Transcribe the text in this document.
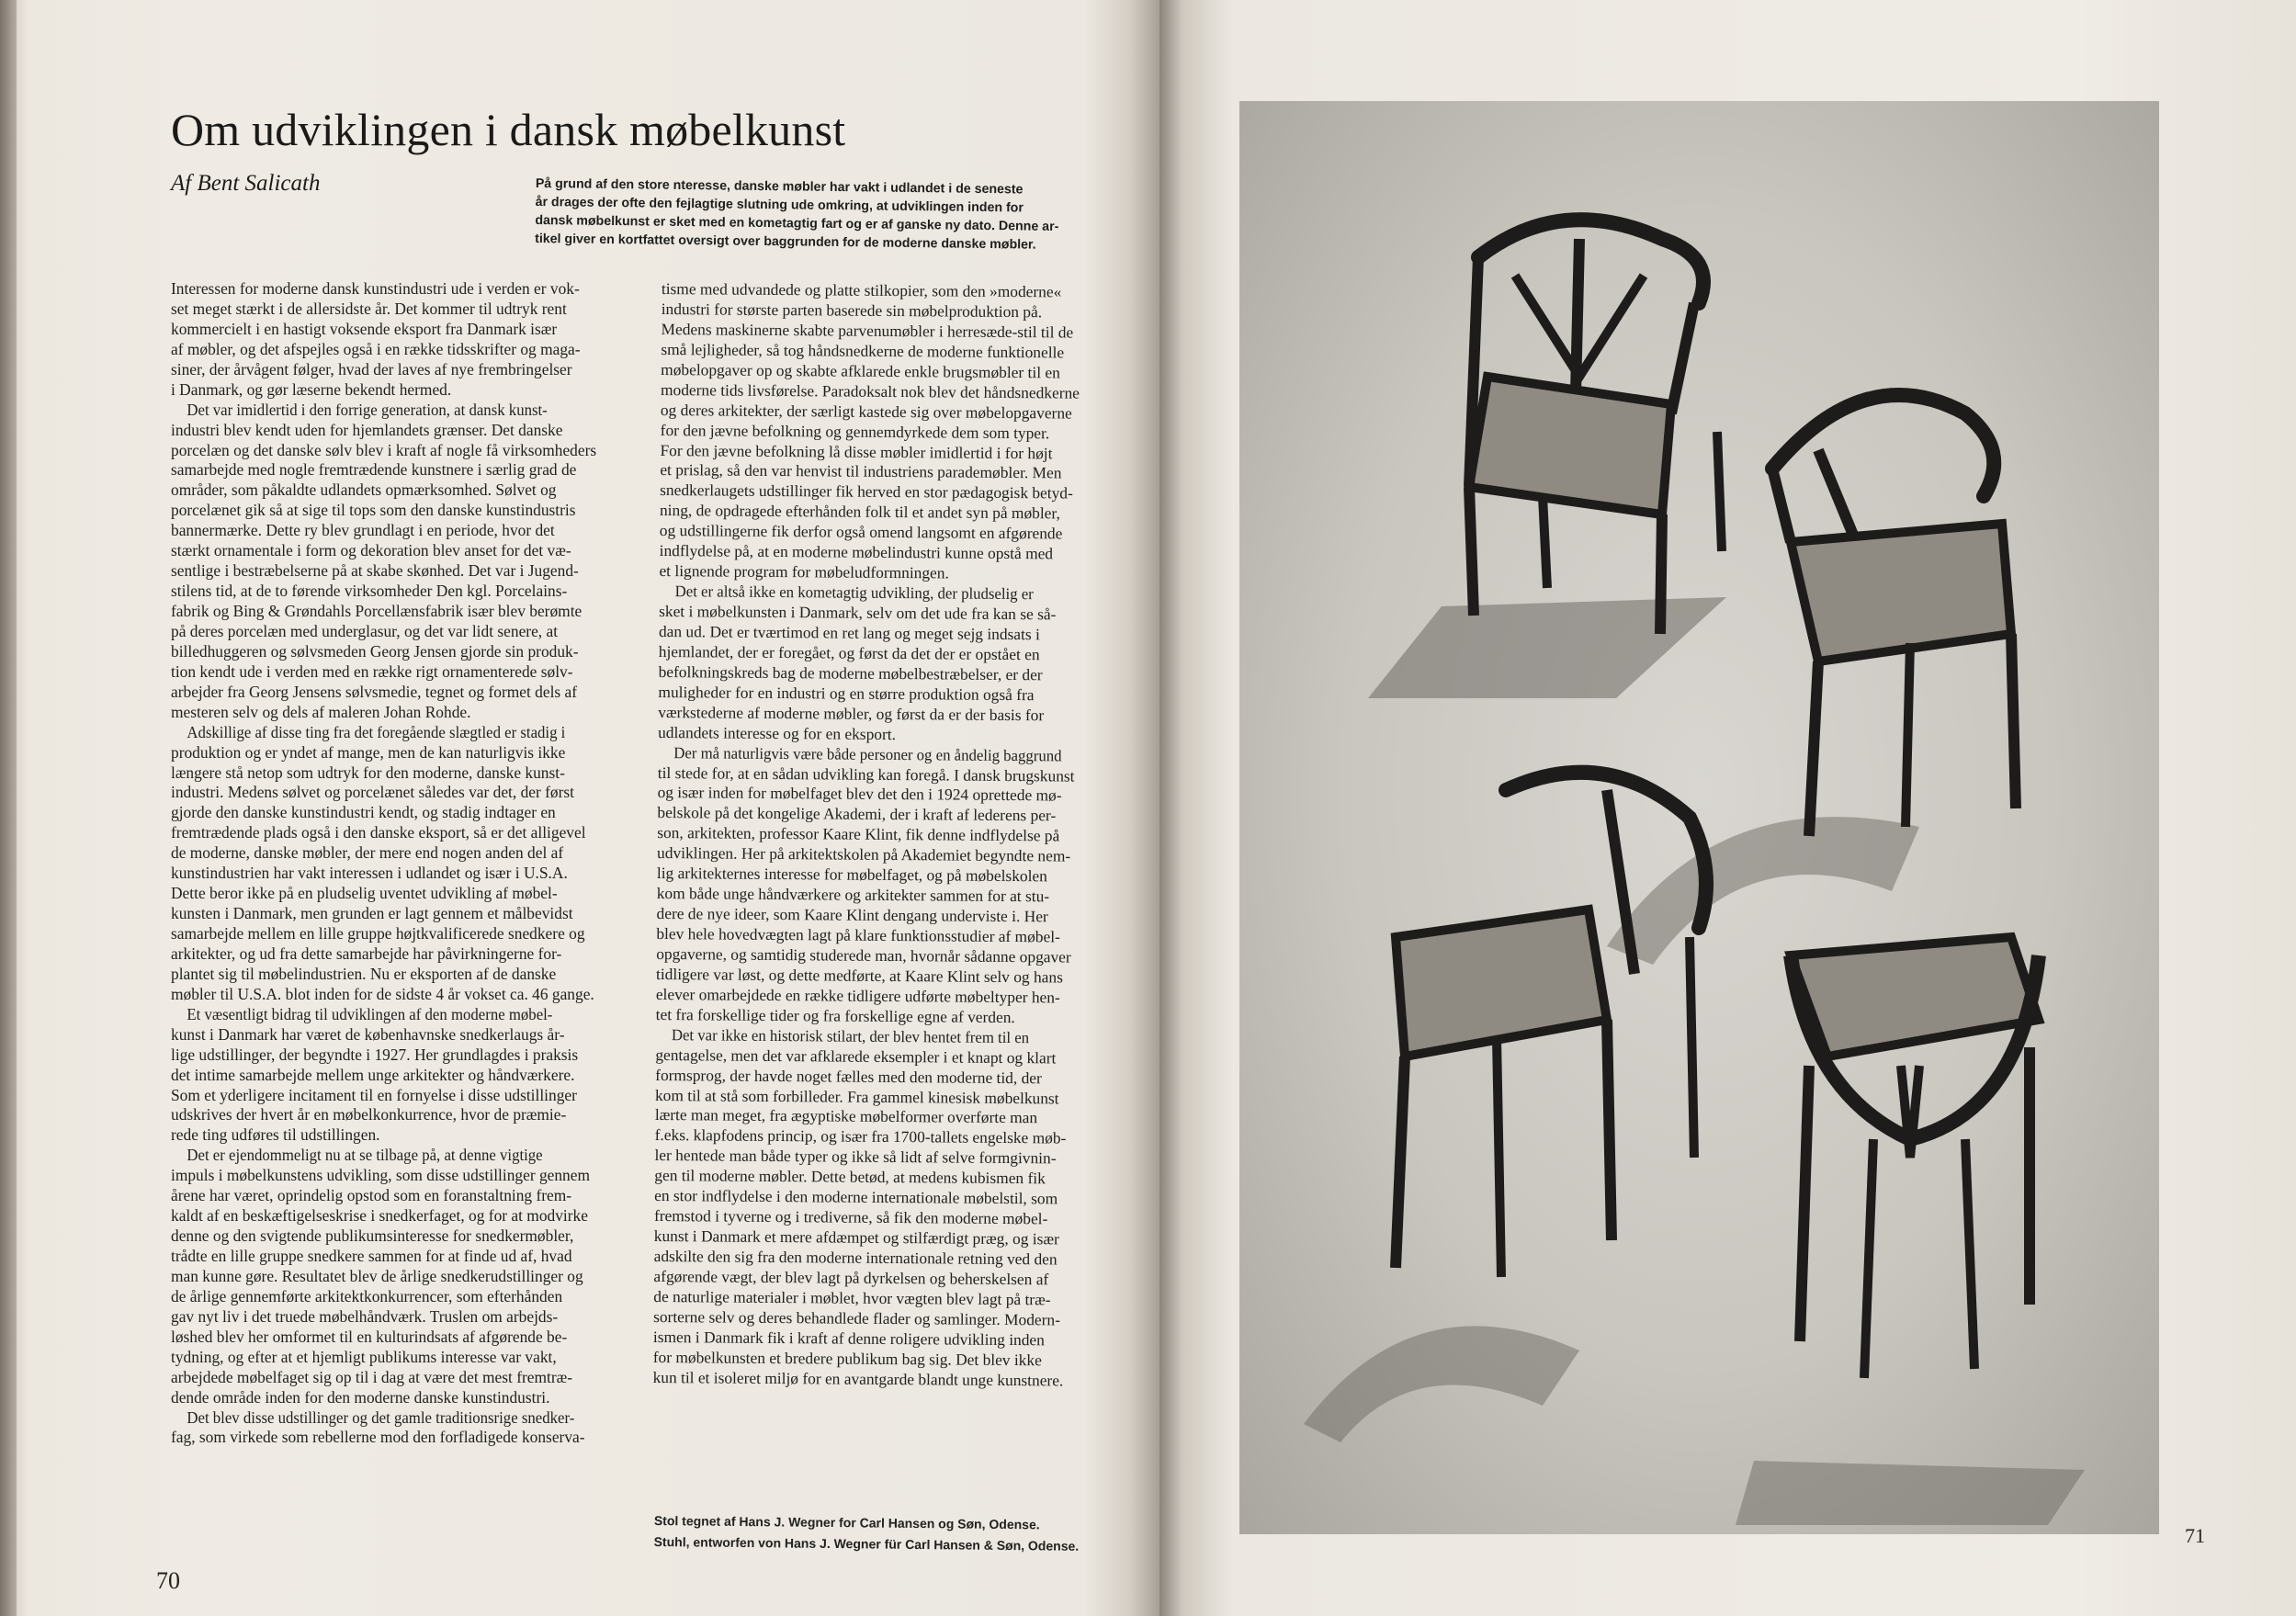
Om udviklingen i dansk møbelkunst
Af Bent Salicath	På grund af den store nteresse, danske møbler har vakt i udlandet i de seneste
år drages der ofte den fejlagtige slutning ude omkring, at udviklingen inden for
dansk møbelkunst er sket med en kometagtig fart og er af ganske ny dato. Denne ar-
tikel giver en kortfattet oversigt over baggrunden for de moderne danske møbler.
Interessen for moderne dansk kunstindustri ude i verden er vok-
set meget stærkt i de allersidste år. Det kommer til udtryk rent
kommercielt i en hastigt voksende eksport fra Danmark især
af møbler, og det afspejles også i en række tidsskrifter og maga-
siner, der årvågent følger, hvad der laves af nye frembringelser
i Danmark, og gør læserne bekendt hermed.
Det var imidlertid i den forrige generation, at dansk kunst-
industri blev kendt uden for hjemlandets grænser. Det danske
porcelæn og det danske sølv blev i kraft af nogle få virksomheders
samarbejde med nogle fremtrædende kunstnere i særlig grad de
områder, som påkaldte udlandets opmærksomhed. Sølvet og
porcelænet gik så at sige til tops som den danske kunstindustris
bannermærke. Dette ry blev grundlagt i en periode, hvor det
stærkt ornamentale i form og dekoration blev anset for det væ-
sentlige i bestræbelserne på at skabe skønhed. Det var i Jugend-
stilens tid, at de to førende virksomheder Den kgl. Porcelains-
fabrik og Bing & Grøndahls Porcellænsfabrik især blev berømte
på deres porcelæn med underglasur, og det var lidt senere, at
billedhuggeren og sølvsmeden Georg Jensen gjorde sin produk-
tion kendt ude i verden med en række rigt ornamenterede sølv-
arbejder fra Georg Jensens sølvsmedie, tegnet og formet dels af
mesteren selv og dels af maleren Johan Rohde.
Adskillige af disse ting fra det foregående slægtled er stadig i
produktion og er yndet af mange, men de kan naturligvis ikke
længere stå netop som udtryk for den moderne, danske kunst-
industri. Medens sølvet og porcelænet således var det, der først
gjorde den danske kunstindustri kendt, og stadig indtager en
fremtrædende plads også i den danske eksport, så er det alligevel
de moderne, danske møbler, der mere end nogen anden del af
kunstindustrien har vakt interessen i udlandet og især i U.S.A.
Dette beror ikke på en pludselig uventet udvikling af møbel-
kunsten i Danmark, men grunden er lagt gennem et målbevidst
samarbejde mellem en lille gruppe højtkvalificerede snedkere og
arkitekter, og ud fra dette samarbejde har påvirkningerne for-
plantet sig til møbelindustrien. Nu er eksporten af de danske
møbler til U.S.A. blot inden for de sidste 4 år vokset ca. 46 gange.
Et væsentligt bidrag til udviklingen af den moderne møbel-
kunst i Danmark har været de københavnske snedkerlaugs år-
lige udstillinger, der begyndte i 1927. Her grundlagdes i praksis
det intime samarbejde mellem unge arkitekter og håndværkere.
Som et yderligere incitament til en fornyelse i disse udstillinger
udskrives der hvert år en møbelkonkurrence, hvor de præmie-
rede ting udføres til udstillingen.
Det er ejendommeligt nu at se tilbage på, at denne vigtige
impuls i møbelkunstens udvikling, som disse udstillinger gennem
årene har været, oprindelig opstod som en foranstaltning frem-
kaldt af en beskæftigelseskrise i snedkerfaget, og for at modvirke
denne og den svigtende publikumsinteresse for snedkermøbler,
trådte en lille gruppe snedkere sammen for at finde ud af, hvad
man kunne gøre. Resultatet blev de årlige snedkerudstillinger og
de årlige gennemførte arkitektkonkurrencer, som efterhånden
gav nyt liv i det truede møbelhåndværk. Truslen om arbejds-
løshed blev her omformet til en kulturindsats af afgørende be-
tydning, og efter at et hjemligt publikums interesse var vakt,
arbejdede møbelfaget sig op til i dag at være det mest fremtræ-
dende område inden for den moderne danske kunstindustri.
Det blev disse udstillinger og det gamle traditionsrige snedker-
fag, som virkede som rebellerne mod den forfladigede konserva-
tisme med udvandede og platte stilkopier, som den »moderne«
industri for største parten baserede sin møbelproduktion på.
Medens maskinerne skabte parvenumøbler i herresæde-stil til de
små lejligheder, så tog håndsnedkerne de moderne funktionelle
møbelopgaver op og skabte afklarede enkle brugsmøbler til en
moderne tids livsførelse. Paradoksalt nok blev det håndsnedkerne
og deres arkitekter, der særligt kastede sig over møbelopgaverne
for den jævne befolkning og gennemdyrkede dem som typer.
For den jævne befolkning lå disse møbler imidlertid i for højt
et prislag, så den var henvist til industriens parademøbler. Men
snedkerlaugets udstillinger fik herved en stor pædagogisk betyd-
ning, de opdragede efterhånden folk til et andet syn på møbler,
og udstillingerne fik derfor også omend langsomt en afgørende
indflydelse på, at en moderne møbelindustri kunne opstå med
et lignende program for møbeludformningen.
Det er altså ikke en kometagtig udvikling, der pludselig er
sket i møbelkunsten i Danmark, selv om det ude fra kan se så-
dan ud. Det er tværtimod en ret lang og meget sejg indsats i
hjemlandet, der er foregået, og først da det der er opstået en
befolkningskreds bag de moderne møbelbestræbelser, er der
muligheder for en industri og en større produktion også fra
værkstederne af moderne møbler, og først da er der basis for
udlandets interesse og for en eksport.
Der må naturligvis være både personer og en åndelig baggrund
til stede for, at en sådan udvikling kan foregå. I dansk brugskunst
og især inden for møbelfaget blev det den i 1924 oprettede mø-
belskole på det kongelige Akademi, der i kraft af lederens per-
son, arkitekten, professor Kaare Klint, fik denne indflydelse på
udviklingen. Her på arkitektskolen på Akademiet begyndte nem-
lig arkitekternes interesse for møbelfaget, og på møbelskolen
kom både unge håndværkere og arkitekter sammen for at stu-
dere de nye ideer, som Kaare Klint dengang underviste i. Her
blev hele hovedvægten lagt på klare funktionsstudier af møbel-
opgaverne, og samtidig studerede man, hvornår sådanne opgaver
tidligere var løst, og dette medførte, at Kaare Klint selv og hans
elever omarbejdede en række tidligere udførte møbeltyper hen-
tet fra forskellige tider og fra forskellige egne af verden.
Det var ikke en historisk stilart, der blev hentet frem til en
gentagelse, men det var afklarede eksempler i et knapt og klart
formsprog, der havde noget fælles med den moderne tid, der
kom til at stå som forbilleder. Fra gammel kinesisk møbelkunst
lærte man meget, fra ægyptiske møbelformer overførte man
f.eks. klapfodens princip, og især fra 1700-tallets engelske møb-
ler hentede man både typer og ikke så lidt af selve formgivnin-
gen til moderne møbler. Dette betød, at medens kubismen fik
en stor indflydelse i den moderne internationale møbelstil, som
fremstod i tyverne og i trediverne, så fik den moderne møbel-
kunst i Danmark et mere afdæmpet og stilfærdigt præg, og især
adskilte den sig fra den moderne internationale retning ved den
afgørende vægt, der blev lagt på dyrkelsen og beherskelsen af
de naturlige materialer i møblet, hvor vægten blev lagt på træ-
sorterne selv og deres behandlede flader og samlinger. Modern-
ismen i Danmark fik i kraft af denne roligere udvikling inden
for møbelkunsten et bredere publikum bag sig. Det blev ikke
kun til et isoleret miljø for en avantgarde blandt unge kunstnere.
Stol tegnet af Hans J. Wegner for Carl Hansen og Søn, Odense.
Stuhl, entworfen von Hans J. Wegner für Carl Hansen & Søn, Odense.
70
71
